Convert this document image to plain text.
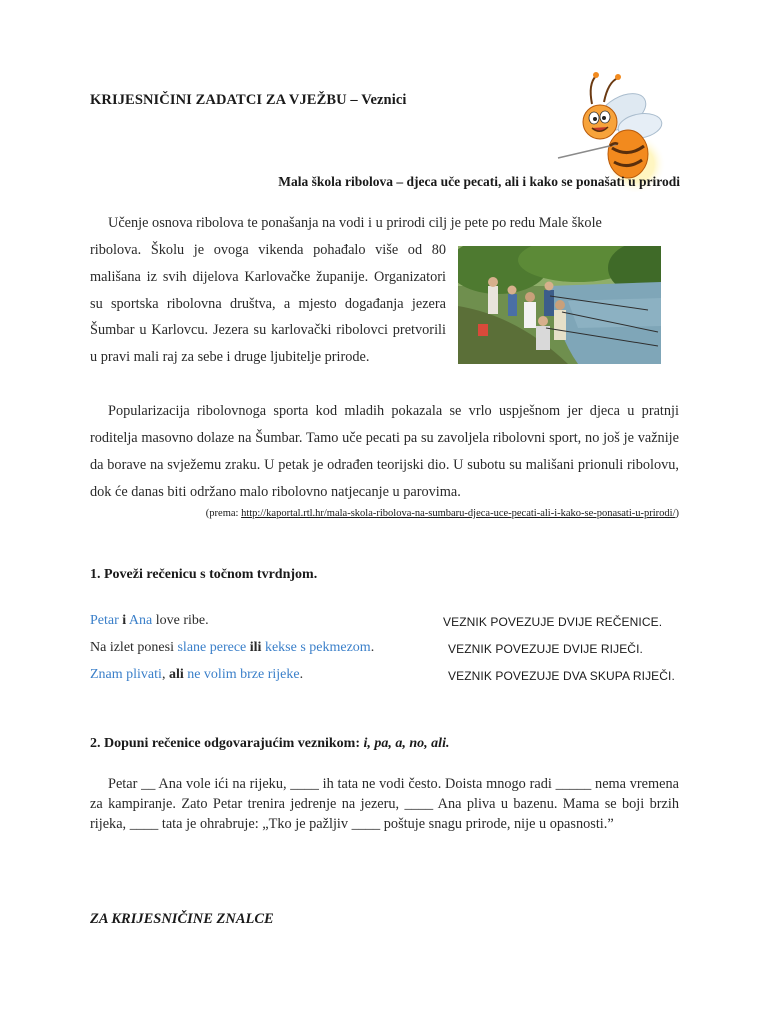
KRIJESNIČINI ZADATCI ZA VJEŽBU – Veznici
Mala škola ribolova – djeca uče pecati, ali i kako se ponašati u prirodi
Učenje osnova ribolova te ponašanja na vodi i u prirodi cilj je pete po redu Male škole
ribolova. Školu je ovoga vikenda pohađalo više od 80 mališana iz svih dijelova Karlovačke županije. Organizatori su sportska ribolovna društva, a mjesto događanja jezera Šumbar u Karlovcu. Jezera su karlovački ribolovci pretvorili u pravi mali raj za sebe i druge ljubitelje prirode.
Popularizacija ribolovnoga sporta kod mladih pokazala se vrlo uspješnom jer djeca u pratnji roditelja masovno dolaze na Šumbar. Tamo uče pecati pa su zavoljela ribolovni sport, no još je važnije da borave na svježemu zraku. U petak je odrađen teorijski dio. U subotu su mališani prionuli ribolovu, dok će danas biti održano malo ribolovno natjecanje u parovima.
(prema: http://kaportal.rtl.hr/mala-skola-ribolova-na-sumbaru-djeca-uce-pecati-ali-i-kako-se-ponasati-u-prirodi/)
1. Poveži rečenicu s točnom tvrdnjom.
Petar i Ana love ribe.	VEZNIK POVEZUJE DVIJE REČENICE.
Na izlet ponesi slane perece ili kekse s pekmezom.	VEZNIK POVEZUJE DVIJE RIJEČI.
Znam plivati, ali ne volim brze rijeke.	VEZNIK POVEZUJE DVA SKUPA RIJEČI.
2. Dopuni rečenice odgovarajućim veznikom: i, pa, a, no, ali.
Petar __ Ana vole ići na rijeku, ____ ih tata ne vodi često. Doista mnogo radi _____ nema vremena za kampiranje. Zato Petar trenira jedrenje na jezeru, ____ Ana pliva u bazenu. Mama se boji brzih rijeka, ____ tata je ohrabruje: „Tko je pažljiv ____ poštuje snagu prirode, nije u opasnosti.”
ZA KRIJESNIČINE ZNALCE
